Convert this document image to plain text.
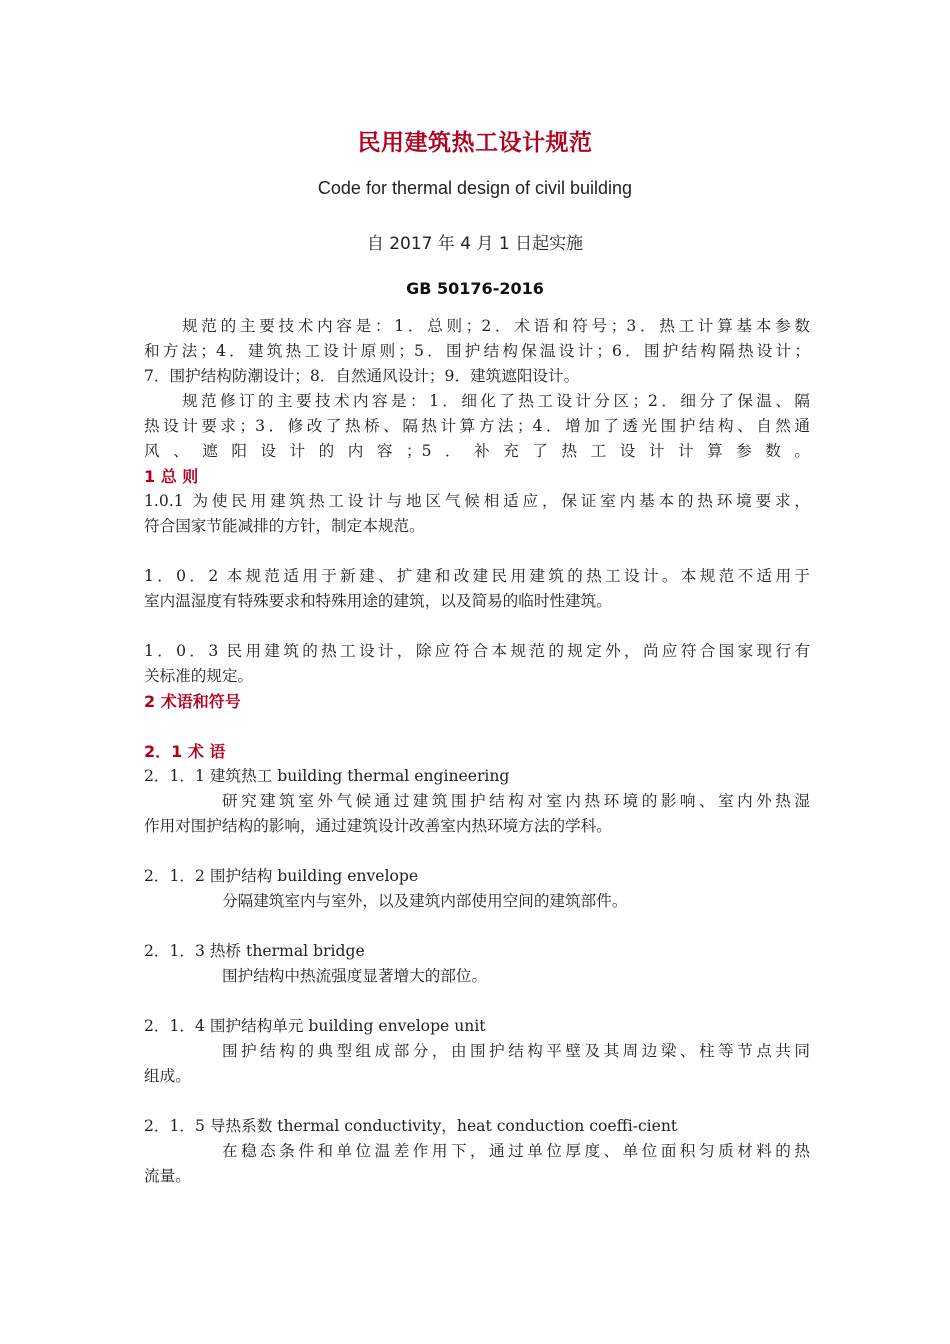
民用建筑热工设计规范
Code for thermal design of civil building
自 2017 年 4 月 1 日起实施
GB 50176-2016
规范的主要技术内容是：1．总则；2．术语和符号；3．热工计算基本参数
和方法；4．建筑热工设计原则；5．围护结构保温设计；6．围护结构隔热设计；
7．围护结构防潮设计；8．自然通风设计；9．建筑遮阳设计。
规范修订的主要技术内容是：1．细化了热工设计分区；2．细分了保温、隔
热设计要求；3．修改了热桥、隔热计算方法；4．增加了透光围护结构、自然通
风、遮阳设计的内容；5．补充了热工设计计算参数。
1 总 则
1.0.1 为使民用建筑热工设计与地区气候相适应，保证室内基本的热环境要求，
符合国家节能减排的方针，制定本规范。
1．0．2 本规范适用于新建、扩建和改建民用建筑的热工设计。本规范不适用于
室内温湿度有特殊要求和特殊用途的建筑，以及简易的临时性建筑。
1．0．3 民用建筑的热工设计，除应符合本规范的规定外，尚应符合国家现行有
关标准的规定。
2 术语和符号
2．1 术 语
2．1．1 建筑热工 building thermal engineering
研究建筑室外气候通过建筑围护结构对室内热环境的影响、室内外热湿
作用对围护结构的影响，通过建筑设计改善室内热环境方法的学科。
2．1．2 围护结构 building envelope
分隔建筑室内与室外，以及建筑内部使用空间的建筑部件。
2．1．3 热桥 thermal bridge
围护结构中热流强度显著增大的部位。
2．1．4 围护结构单元 building envelope unit
围护结构的典型组成部分，由围护结构平壁及其周边梁、柱等节点共同
组成。
2．1．5 导热系数 thermal conductivity，heat conduction coeffi-cient
在稳态条件和单位温差作用下，通过单位厚度、单位面积匀质材料的热
流量。
